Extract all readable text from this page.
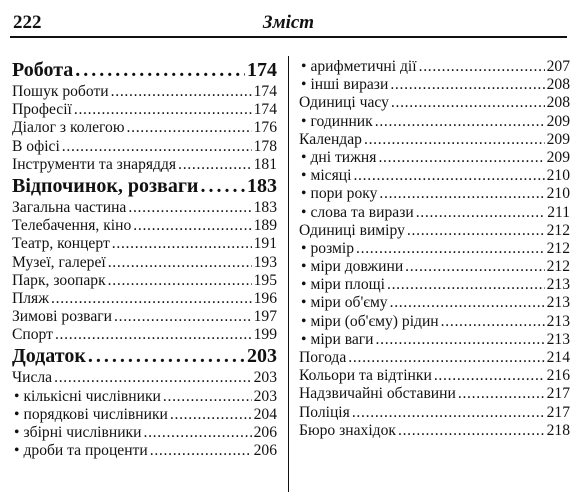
222	Зміст
Робота . . .	174
Пошук роботи . . .	174
Професії . . .	174
Діалог з колегою . . .	176
В офісі . . .	178
Інструменти та знаряддя . . .	181
Відпочинок, розваги . . . 183
Загальна частина . . .	183
Телебачення, кіно . . .	189
Театр, концерт . . .	191
Музеї, галереї . . .	193
Парк, зоопарк . . .	195
Пляж . . .	196
Зимові розваги . . .	197
Спорт . . .	199
Додаток . . .	203
Числа . . .	203
• кількісні числівники . . .	203
• порядкові числівники . . .	204
• збірні числівники . . .	206
• дроби та проценти . . .	206
• арифметичні дії . . .	207
• інші вирази . . .	208
Одиниці часу . . .	208
• годинник . . .	209
Календар . . .	209
• дні тижня . . .	209
• місяці . . .	210
• пори року . . .	210
• слова та вирази . . .	211
Одиниці виміру . . .	212
• розмір . . .	212
• міри довжини . . .	212
• міри площі . . .	213
• міри об'єму . . .	213
• міри (об'єму) рідин . . .	213
• міри ваги . . .	213
Погода . . .	214
Кольори та відтінки . . .	216
Надзвичайні обставини . . .	217
Поліція . . .	217
Бюро знахідок . . .	218
